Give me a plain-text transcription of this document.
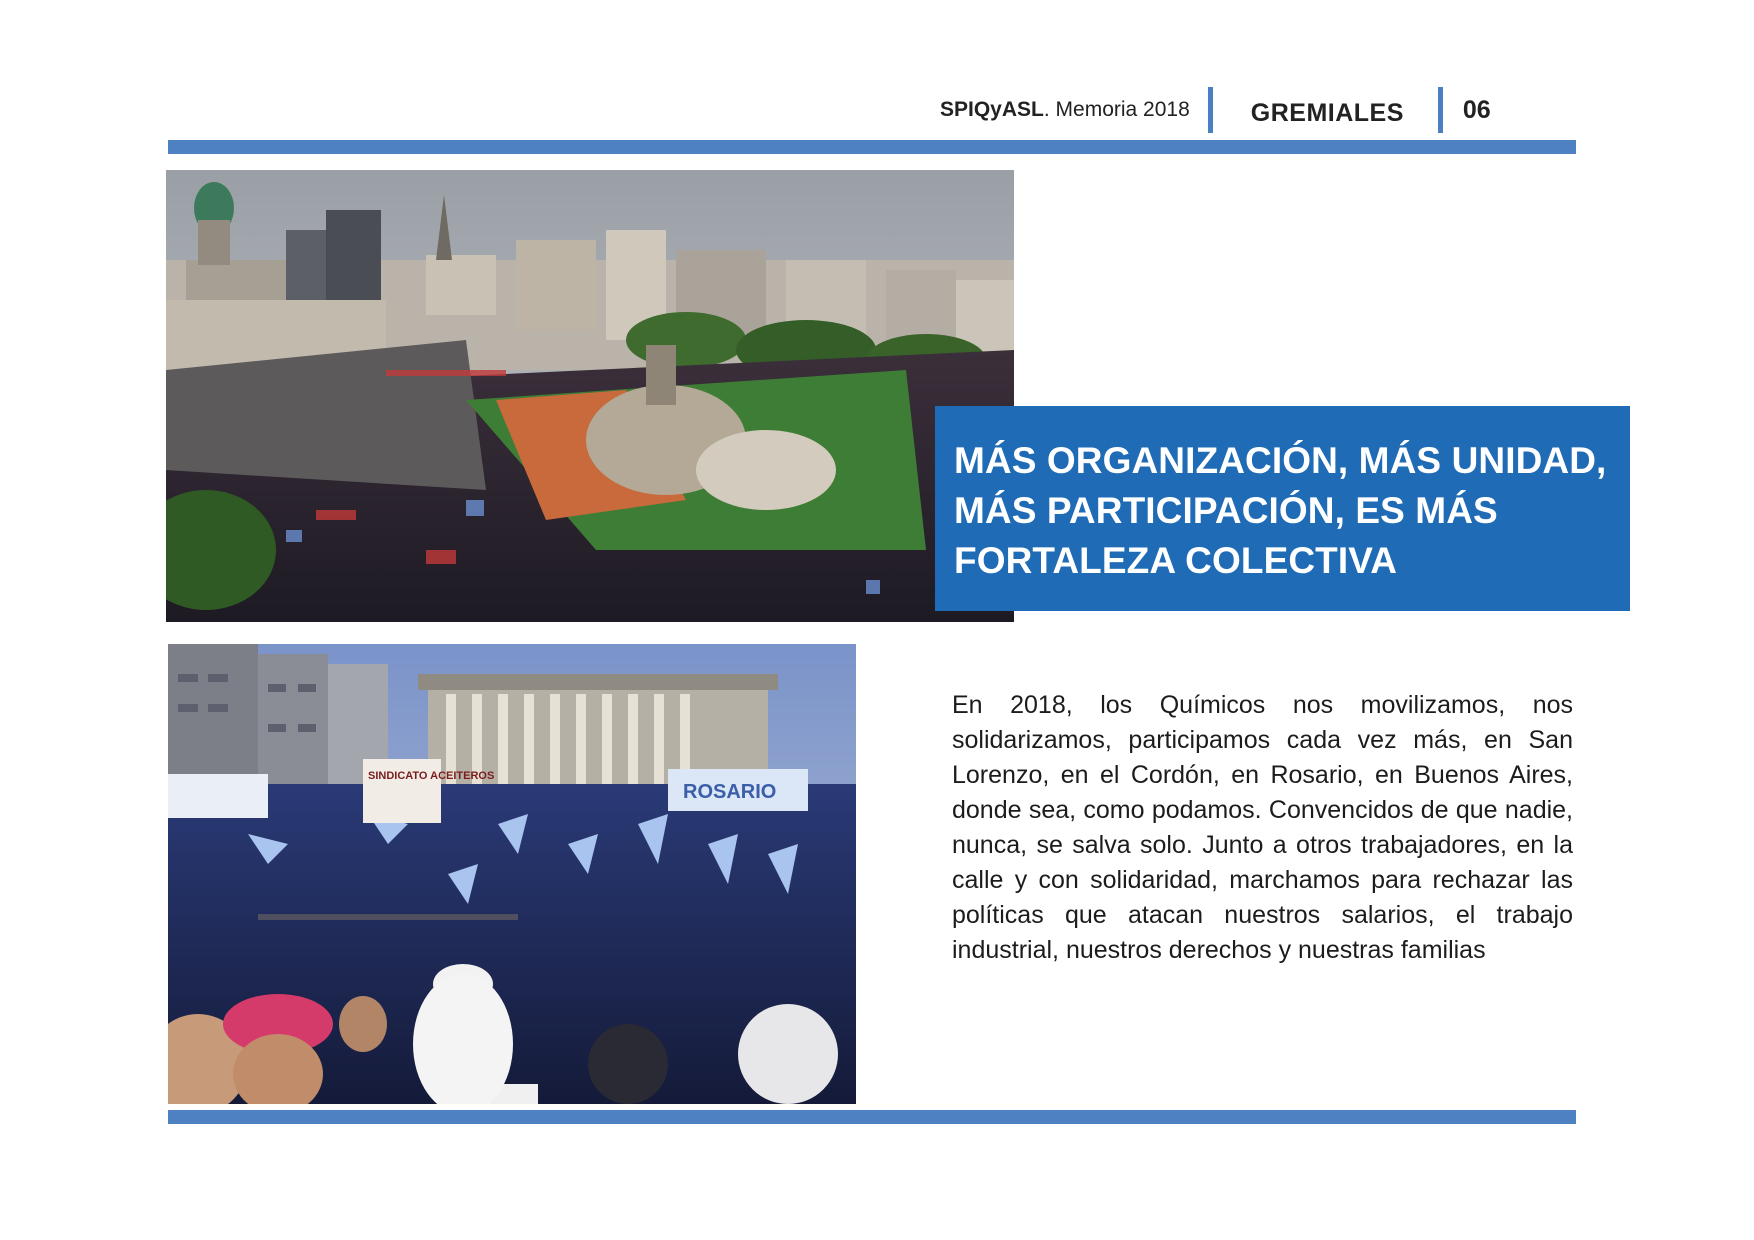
SPIQyASL. Memoria 2018 GREMIALES 06
MÁS ORGANIZACIÓN, MÁS UNIDAD,
MÁS PARTICIPACIÓN, ES MÁS
FORTALEZA COLECTIVA
ROSARIO
SINDICATO ACEITEROS

En 2018, los Químicos nos movilizamos, nos solidarizamos, participamos cada vez más, en San Lorenzo, en el Cordón, en Rosario, en Buenos Aires, donde sea, como podamos. Convencidos de que nadie, nunca, se salva solo. Junto a otros trabajadores, en la calle y con solidaridad, marchamos para rechazar las políticas que atacan nuestros salarios, el trabajo industrial, nuestros derechos y nuestras familias
